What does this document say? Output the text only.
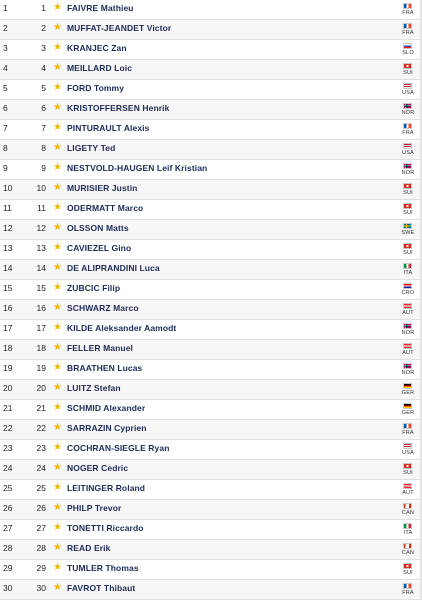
1	1 ★ FAIVRE Mathieu	FRA
2	2 ★ MUFFAT-JEANDET Victor	FRA
3	3 ★ KRANJEC Zan	SLO
4	4 ★ MEILLARD Loic	SUI
5	5 ★ FORD Tommy	USA
6	6 ★ KRISTOFFERSEN Henrik	NOR
7	7 ★ PINTURAULT Alexis	FRA
8	8 ★ LIGETY Ted	USA
9	9 ★ NESTVOLD-HAUGEN Leif Kristian	NOR
10	10 ★ MURISIER Justin	SUI
11	11 ★ ODERMATT Marco	SUI
12	12 ★ OLSSON Matts	SWE
13	13 ★ CAVIEZEL Gino	SUI
14	14 ★ DE ALIPRANDINI Luca	ITA
15	15 ★ ZUBCIC Filip	CRO
16	16 ★ SCHWARZ Marco	AUT
17	17 ★ KILDE Aleksander Aamodt	NOR
18	18 ★ FELLER Manuel	AUT
19	19 ★ BRAATHEN Lucas	NOR
20	20 ★ LUITZ Stefan	GER
21	21 ★ SCHMID Alexander	GER
22	22 ★ SARRAZIN Cyprien	FRA
23	23 ★ COCHRAN-SIEGLE Ryan	USA
24	24 ★ NOGER Cedric	SUI
25	25 ★ LEITINGER Roland	AUT
26	26 ★ PHILP Trevor	CAN
27	27 ★ TONETTI Riccardo	ITA
28	28 ★ READ Erik	CAN
29	29 ★ TUMLER Thomas	SUI
30	30 ★ FAVROT Thibaut	FRA
